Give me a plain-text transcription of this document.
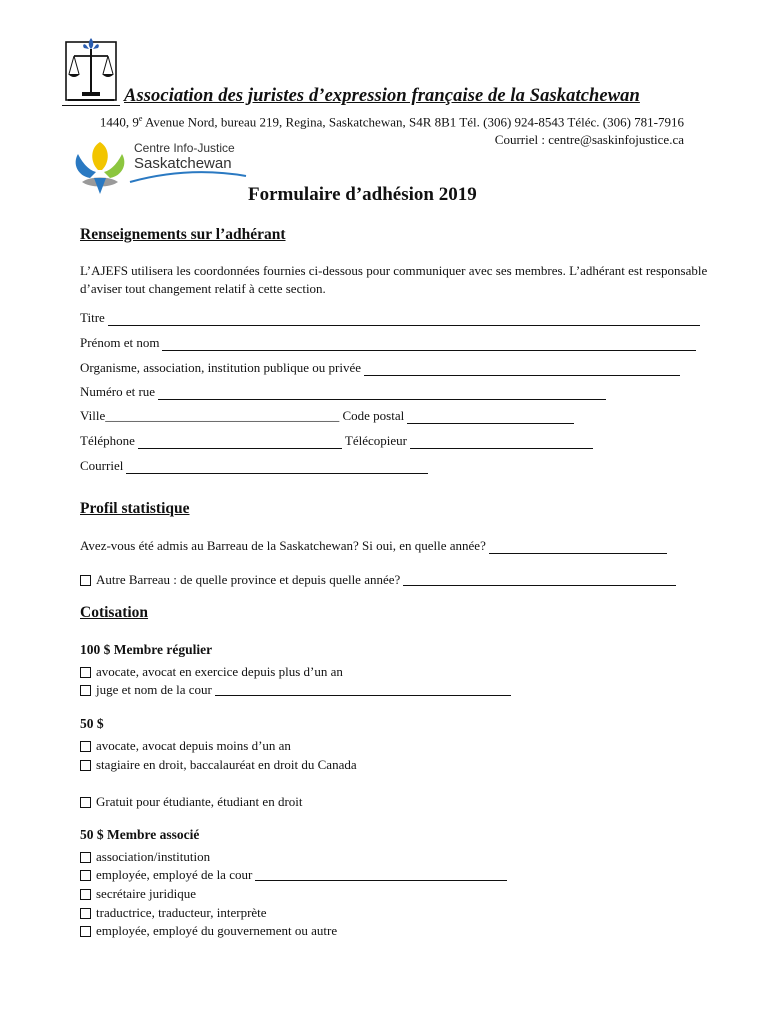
Association des juristes d’expression française de la Saskatchewan
1440, 9e Avenue Nord, bureau 219, Regina, Saskatchewan, S4R 8B1 Tél. (306) 924-8543 Téléc. (306) 781-7916
Courriel : centre@saskinfojustice.ca
Centre Info-Justice
Saskatchewan
Formulaire d’adhésion 2019
Renseignements sur l’adhérant
L’AJEFS utilisera les coordonnées fournies ci-dessous pour communiquer avec ses membres. L’adhérant est responsable d’aviser tout changement relatif à cette section.
Titre
Prénom et nom
Organisme, association, institution publique ou privée
Numéro et rue
Ville ____________________________________
Code postal
Téléphone	Télécopieur
Courriel
Profil statistique
Avez-vous été admis au Barreau de la Saskatchewan? Si oui, en quelle année?
Autre Barreau : de quelle province et depuis quelle année?
Cotisation
100 $ Membre régulier
avocate, avocat en exercice depuis plus d’un an
juge et nom de la cour
50 $
avocate, avocat depuis moins d’un an
stagiaire en droit, baccalauréat en droit du Canada
Gratuit pour étudiante, étudiant en droit
50 $ Membre associé
association/institution
employée, employé de la cour
secrétaire juridique
traductrice, traducteur, interprète
employée, employé du gouvernement ou autre
